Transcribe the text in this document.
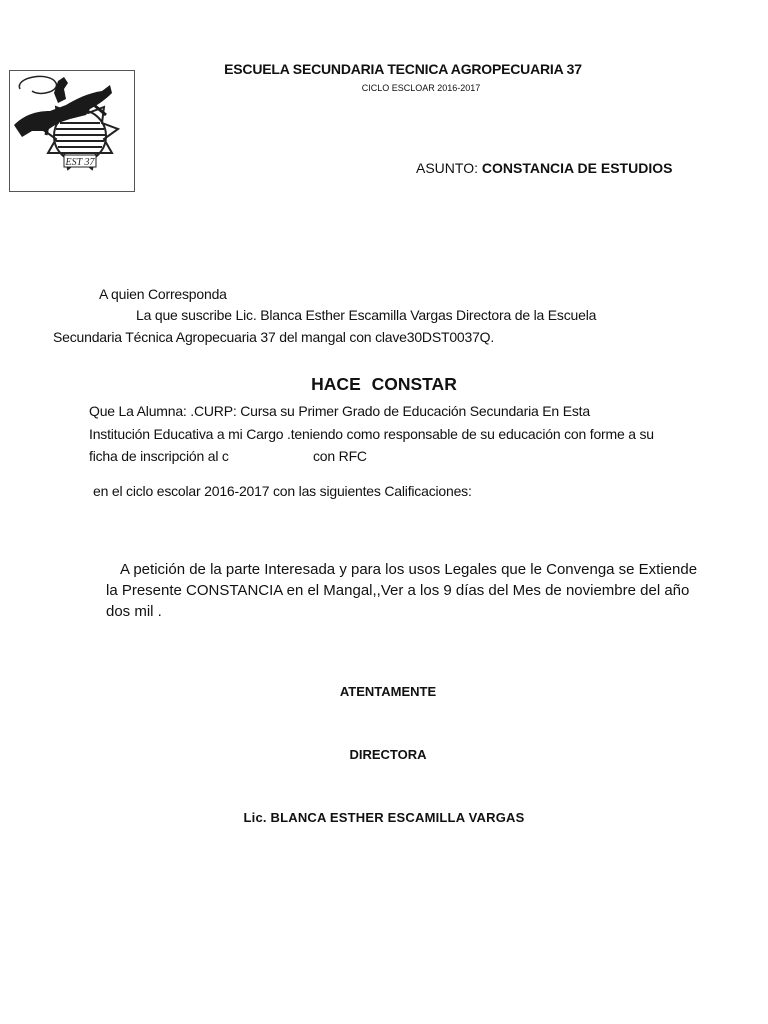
EST 37
ESCUELA SECUNDARIA TECNICA AGROPECUARIA 37
CICLO ESCLOAR 2016-2017
ASUNTO: CONSTANCIA DE ESTUDIOS
A quien Corresponda
La que suscribe Lic. Blanca Esther Escamilla Vargas Directora de la Escuela
Secundaria Técnica Agropecuaria 37 del mangal con clave30DST0037Q.
HACE CONSTAR
Que La Alumna: .CURP: Cursa su Primer Grado de Educación Secundaria En Esta
Institución Educativa a mi Cargo .teniendo como responsable de su educación con forme a su
ficha de inscripción al c	con RFC
en el ciclo escolar 2016-2017 con las siguientes Calificaciones:
A petición de la parte Interesada y para los usos Legales que le Convenga se Extiende
la Presente CONSTANCIA en el Mangal,,Ver a los 9 días del Mes de noviembre del año
dos mil .
ATENTAMENTE
DIRECTORA
Lic. BLANCA ESTHER ESCAMILLA VARGAS
